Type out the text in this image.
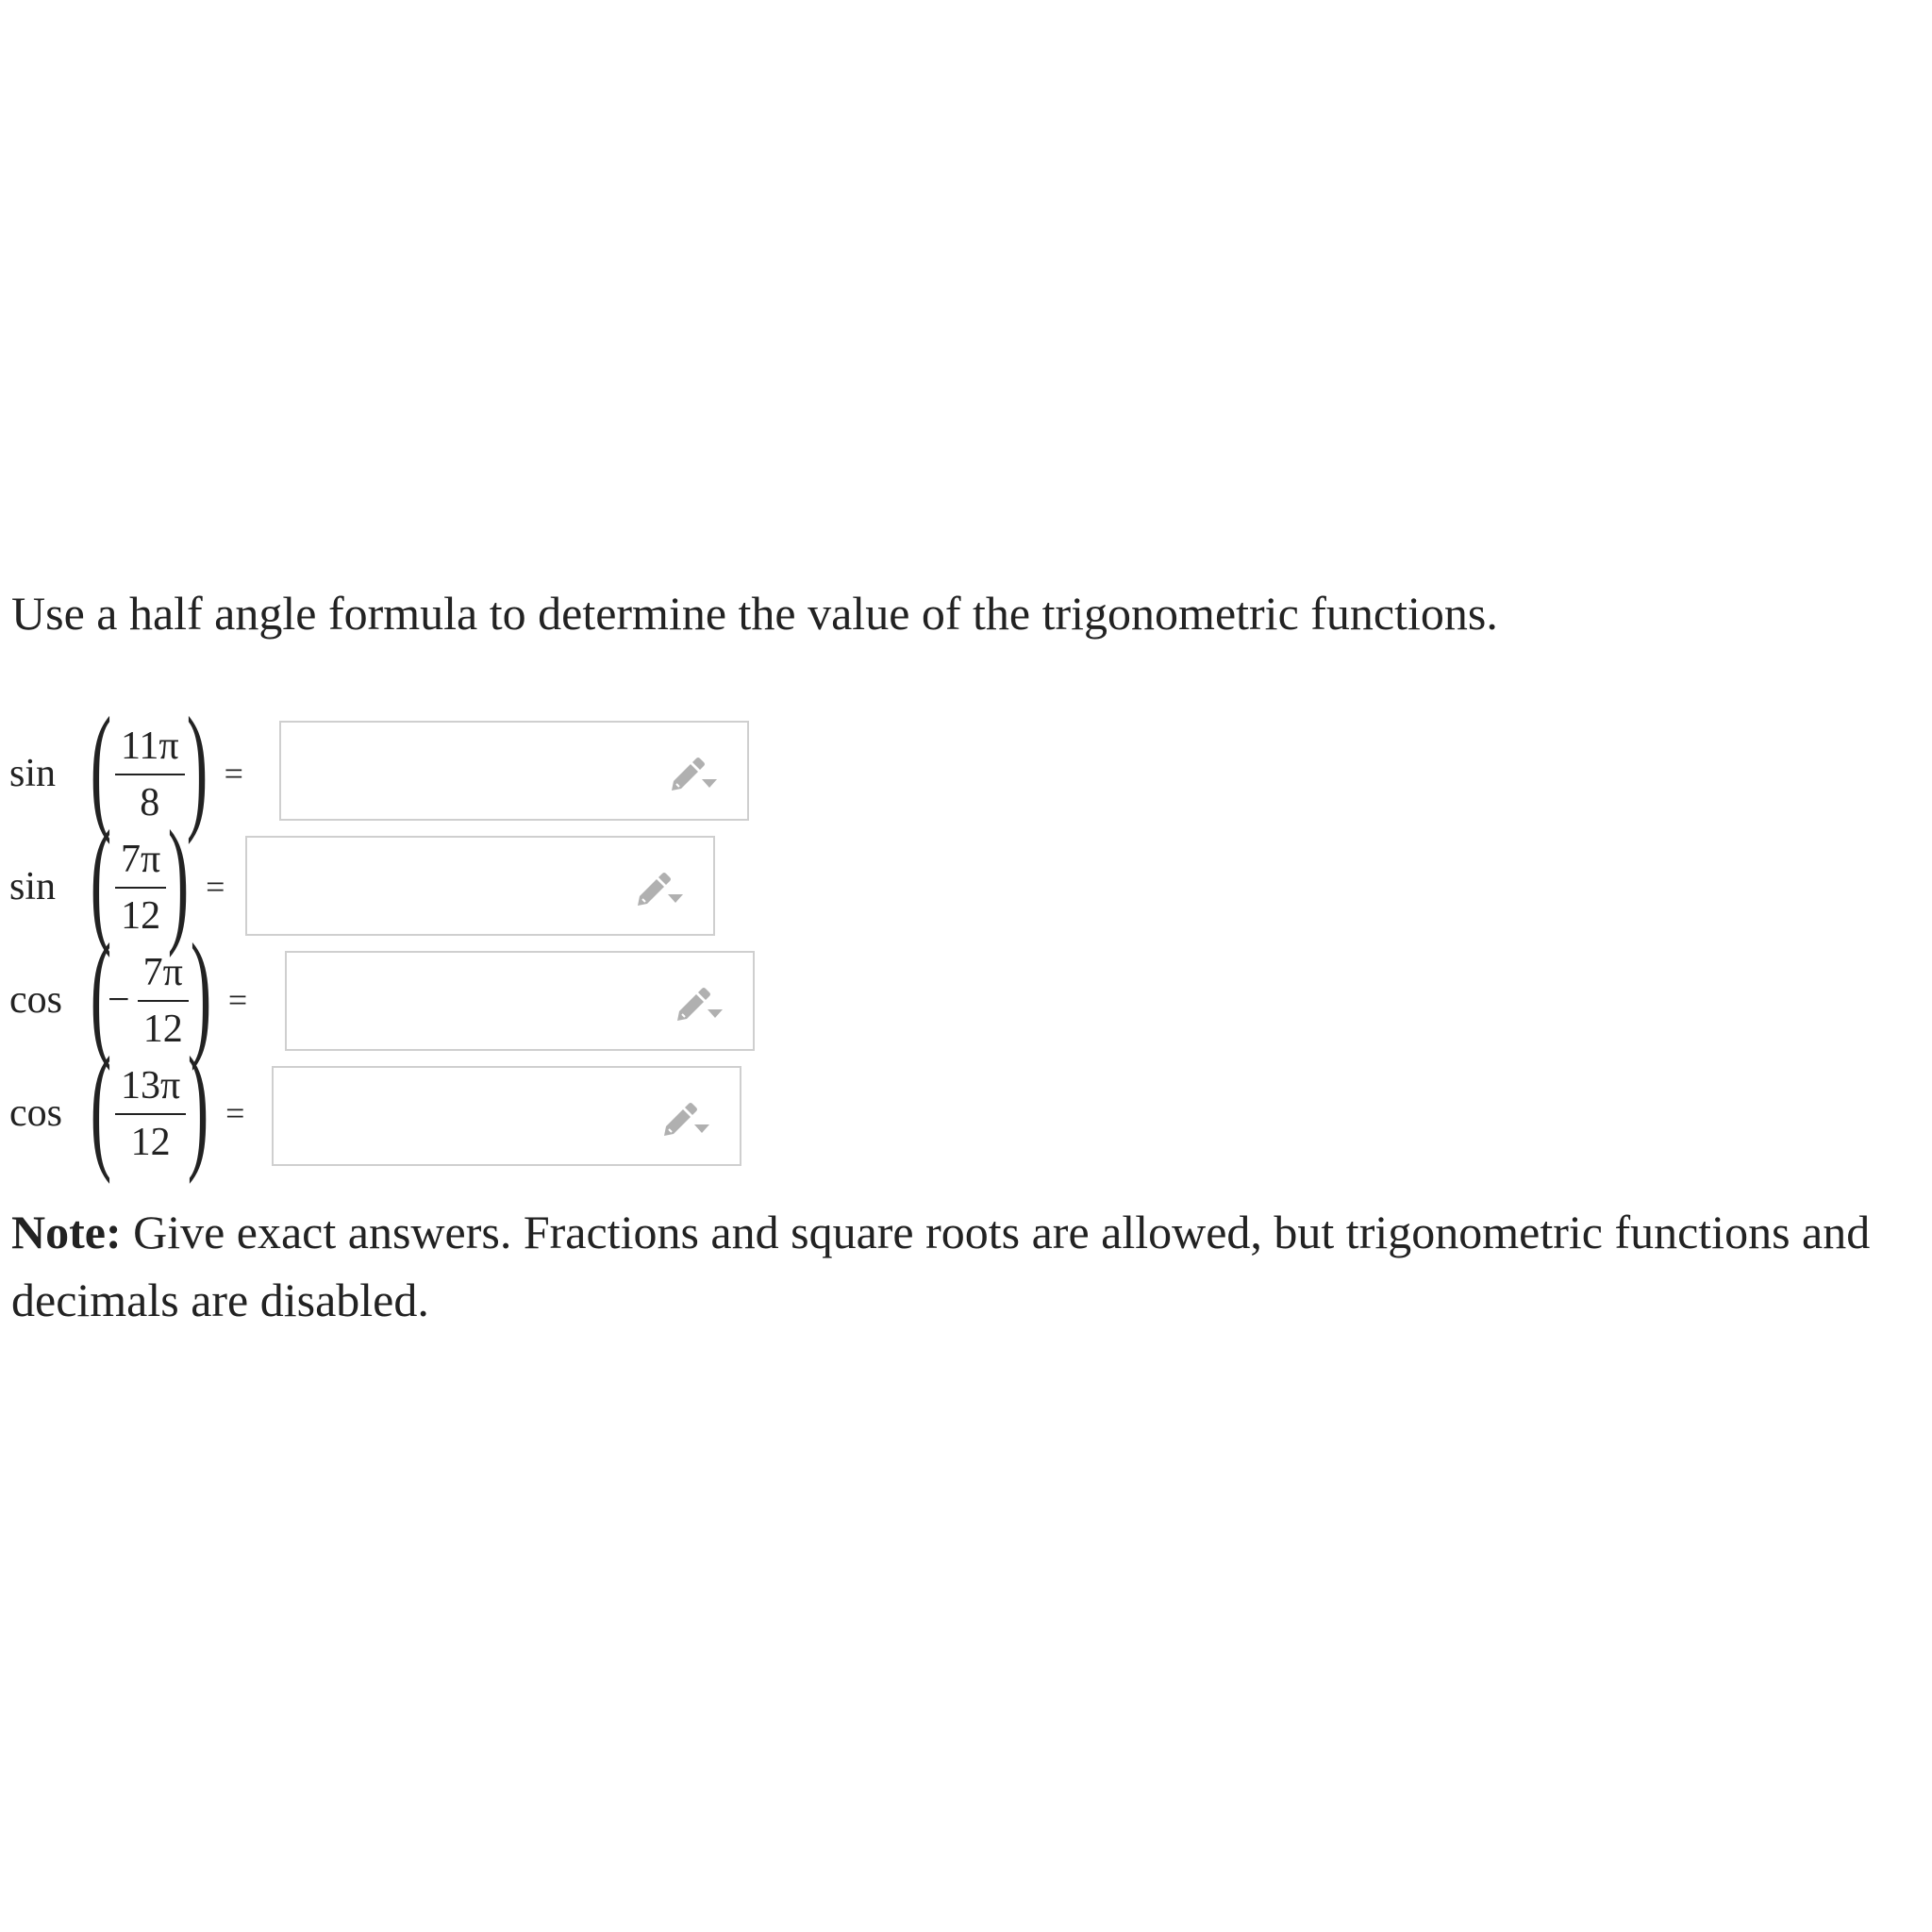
Use a half angle formula to determine the value of the trigonometric functions.
sin (
$\frac{11\pi}{8}$
) =
sin (
$\frac{7\pi}{12}$
) =
cos (
− $\frac{7\pi}{12}$
) =
cos (
$\frac{13\pi}{12}$
) =
Note: Give exact answers. Fractions and square roots are allowed, but trigonometric functions and decimals are disabled.
